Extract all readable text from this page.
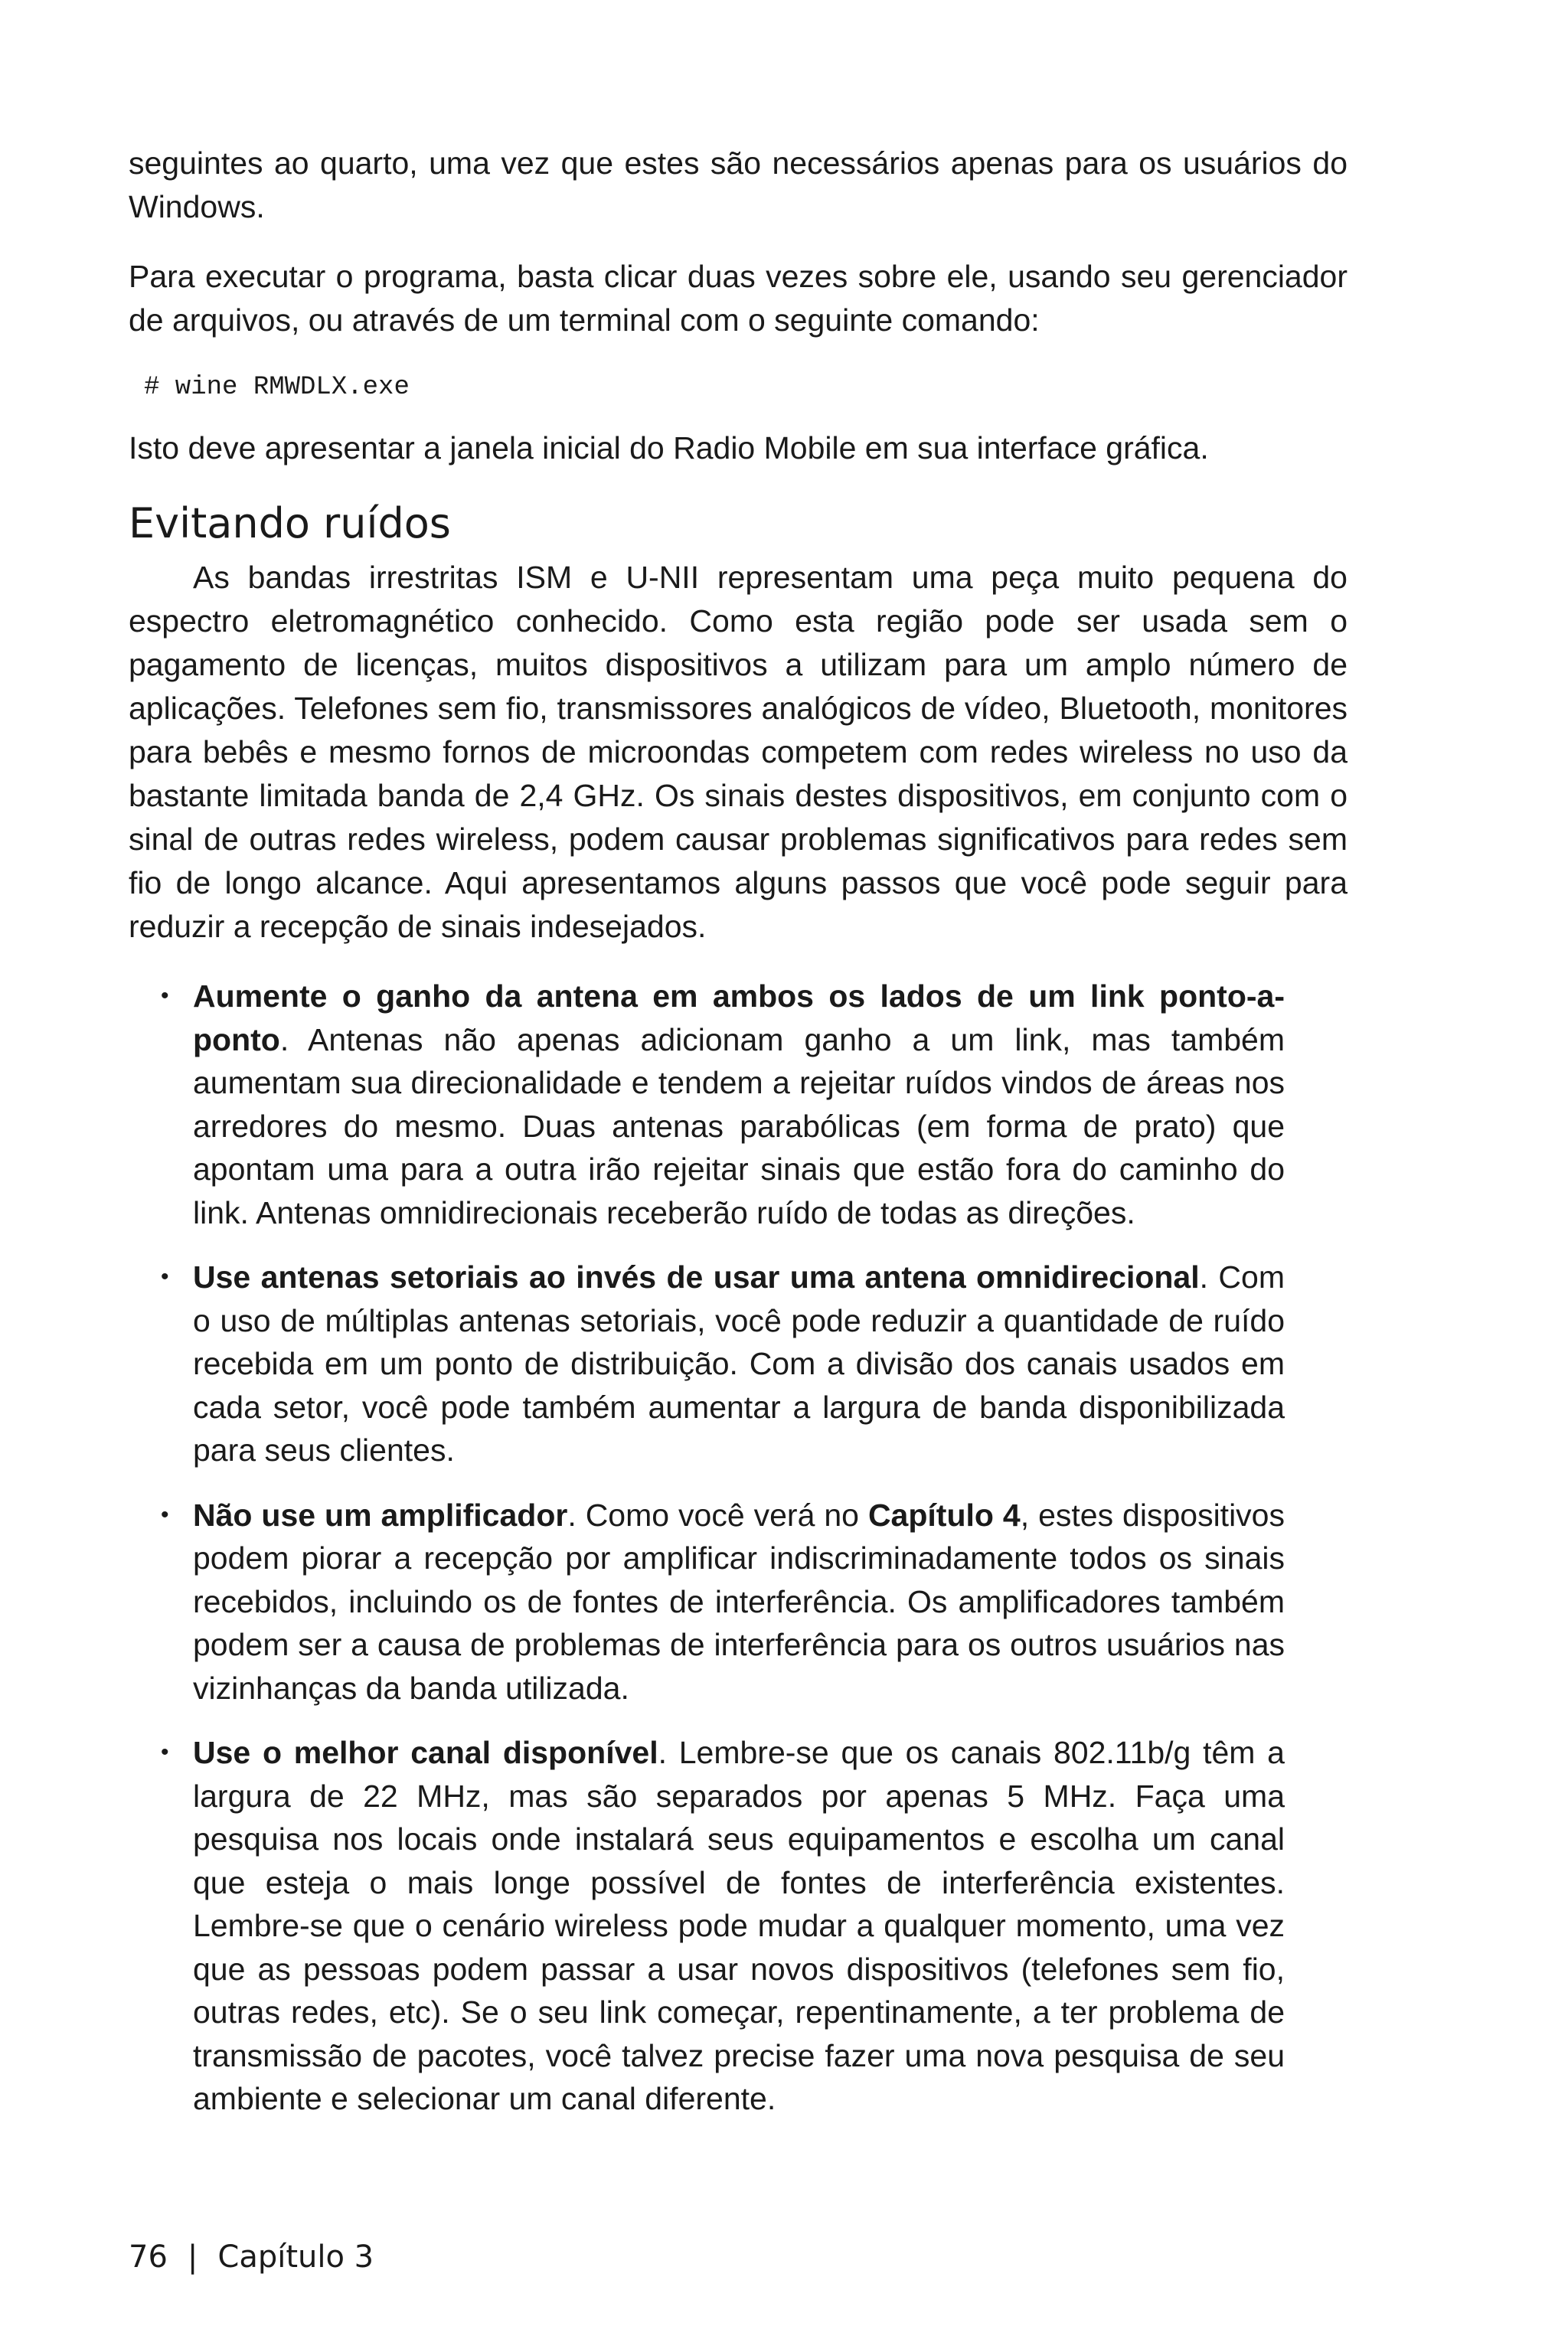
seguintes ao quarto, uma vez que estes são necessários apenas para os usuários do Windows.

Para executar o programa, basta clicar duas vezes sobre ele, usando seu gerenciador de arquivos, ou através de um terminal com o seguinte comando:

# wine RMWDLX.exe

Isto deve apresentar a janela inicial do Radio Mobile em sua interface gráfica.

Evitando ruídos

As bandas irrestritas ISM e U-NII representam uma peça muito pequena do espectro eletromagnético conhecido. Como esta região pode ser usada sem o pagamento de licenças, muitos dispositivos a utilizam para um amplo número de aplicações. Telefones sem fio, transmissores analógicos de vídeo, Bluetooth, monitores para bebês e mesmo fornos de microondas competem com redes wireless no uso da bastante limitada banda de 2,4 GHz. Os sinais destes dispositivos, em conjunto com o sinal de outras redes wireless, podem causar problemas significativos para redes sem fio de longo alcance. Aqui apresentamos alguns passos que você pode seguir para reduzir a recepção de sinais indesejados.

• Aumente o ganho da antena em ambos os lados de um link ponto-a-ponto. Antenas não apenas adicionam ganho a um link, mas também aumentam sua direcionalidade e tendem a rejeitar ruídos vindos de áreas nos arredores do mesmo. Duas antenas parabólicas (em forma de prato) que apontam uma para a outra irão rejeitar sinais que estão fora do caminho do link. Antenas omnidirecionais receberão ruído de todas as direções.
• Use antenas setoriais ao invés de usar uma antena omnidirecional. Com o uso de múltiplas antenas setoriais, você pode reduzir a quantidade de ruído recebida em um ponto de distribuição. Com a divisão dos canais usados em cada setor, você pode também aumentar a largura de banda disponibilizada para seus clientes.
• Não use um amplificador. Como você verá no Capítulo 4, estes dispositivos podem piorar a recepção por amplificar indiscriminadamente todos os sinais recebidos, incluindo os de fontes de interferência. Os amplificadores também podem ser a causa de problemas de interferência para os outros usuários nas vizinhanças da banda utilizada.
• Use o melhor canal disponível. Lembre-se que os canais 802.11b/g têm a largura de 22 MHz, mas são separados por apenas 5 MHz. Faça uma pesquisa nos locais onde instalará seus equipamentos e escolha um canal que esteja o mais longe possível de fontes de interferência existentes. Lembre-se que o cenário wireless pode mudar a qualquer momento, uma vez que as pessoas podem passar a usar novos dispositivos (telefones sem fio, outras redes, etc). Se o seu link começar, repentinamente, a ter problema de transmissão de pacotes, você talvez precise fazer uma nova pesquisa de seu ambiente e selecionar um canal diferente.
76 | Capítulo 3
